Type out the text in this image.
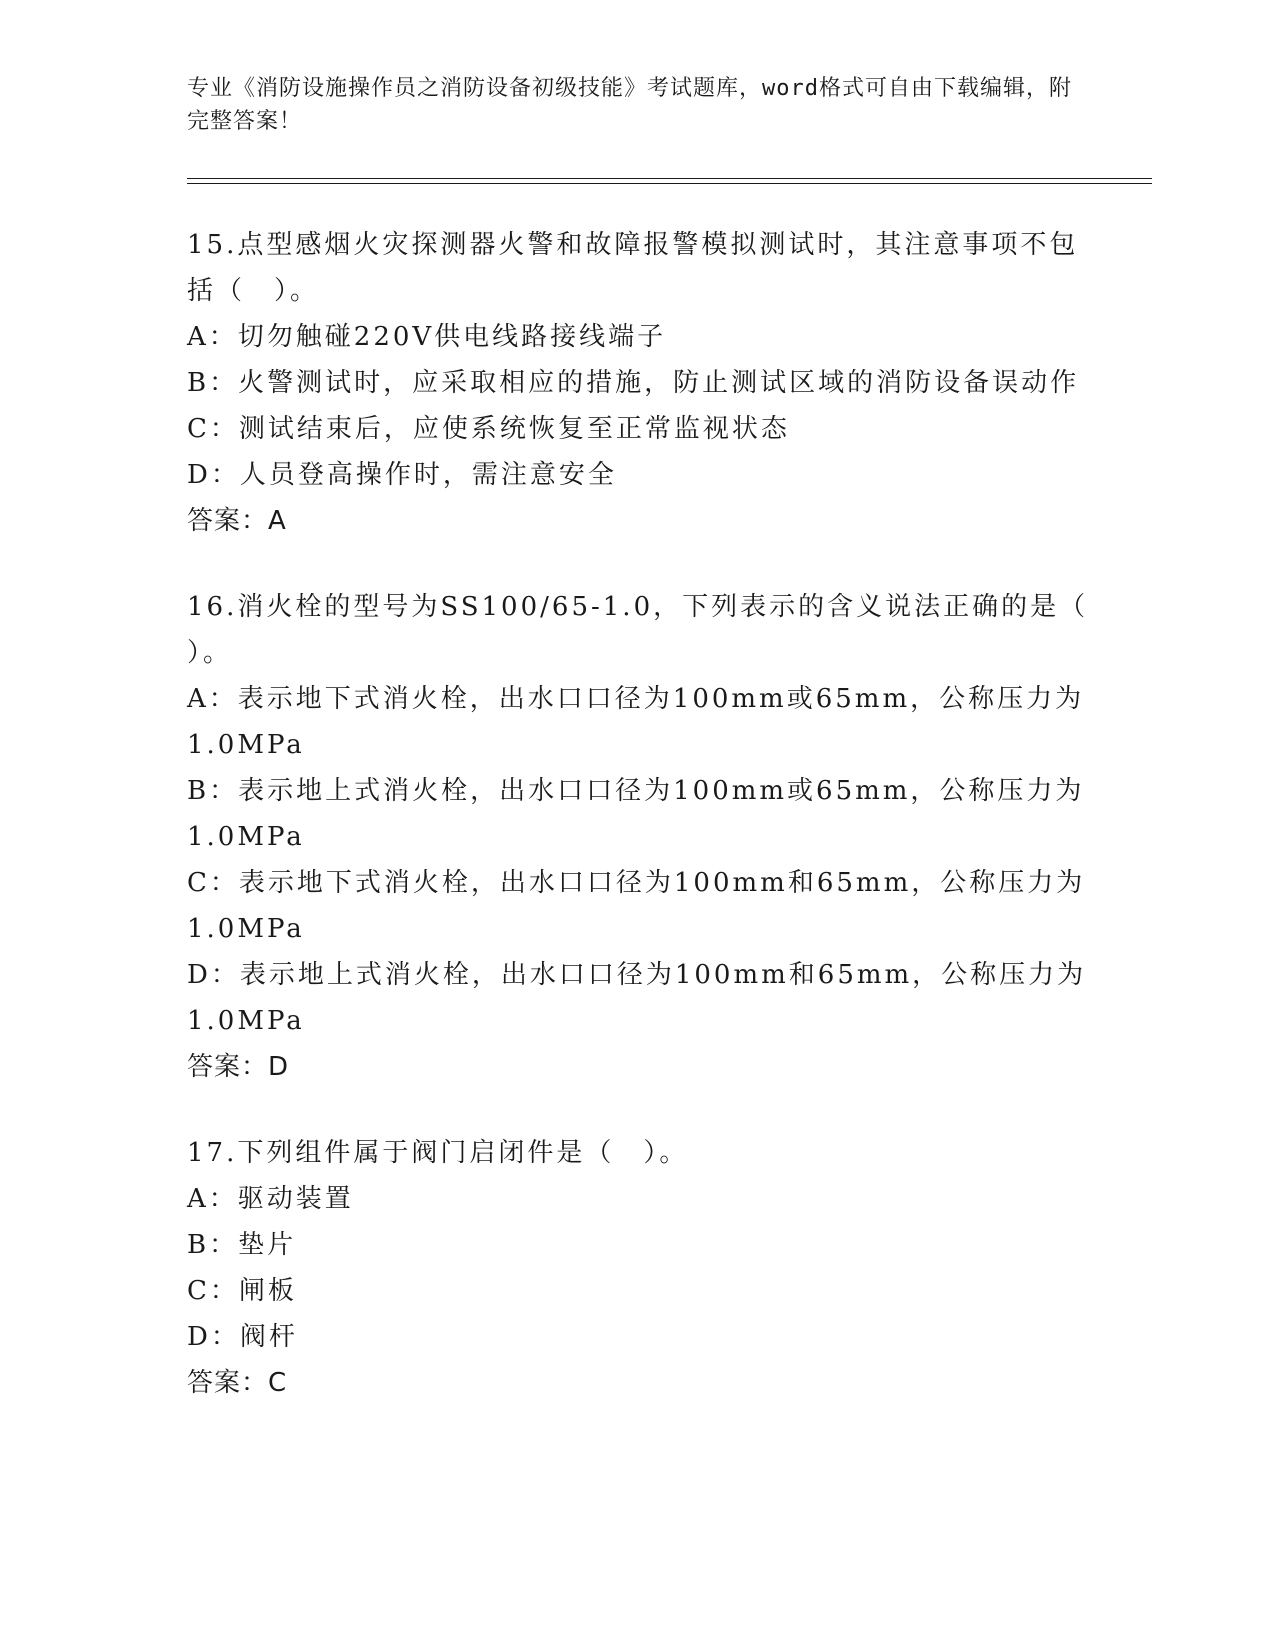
专业《消防设施操作员之消防设备初级技能》考试题库，word格式可自由下载编辑，附完整答案！
15.点型感烟火灾探测器火警和故障报警模拟测试时，其注意事项不包
括（　）。
A：切勿触碰220V供电线路接线端子
B：火警测试时，应采取相应的措施，防止测试区域的消防设备误动作
C：测试结束后，应使系统恢复至正常监视状态
D：人员登高操作时，需注意安全
答案：A
16.消火栓的型号为SS100/65-1.0，下列表示的含义说法正确的是（
）。
A：表示地下式消火栓，出水口口径为100mm或65mm，公称压力为
1.0MPa
B：表示地上式消火栓，出水口口径为100mm或65mm，公称压力为
1.0MPa
C：表示地下式消火栓，出水口口径为100mm和65mm，公称压力为
1.0MPa
D：表示地上式消火栓，出水口口径为100mm和65mm，公称压力为
1.0MPa
答案：D
17.下列组件属于阀门启闭件是（　）。
A：驱动装置
B：垫片
C：闸板
D：阀杆
答案：C
